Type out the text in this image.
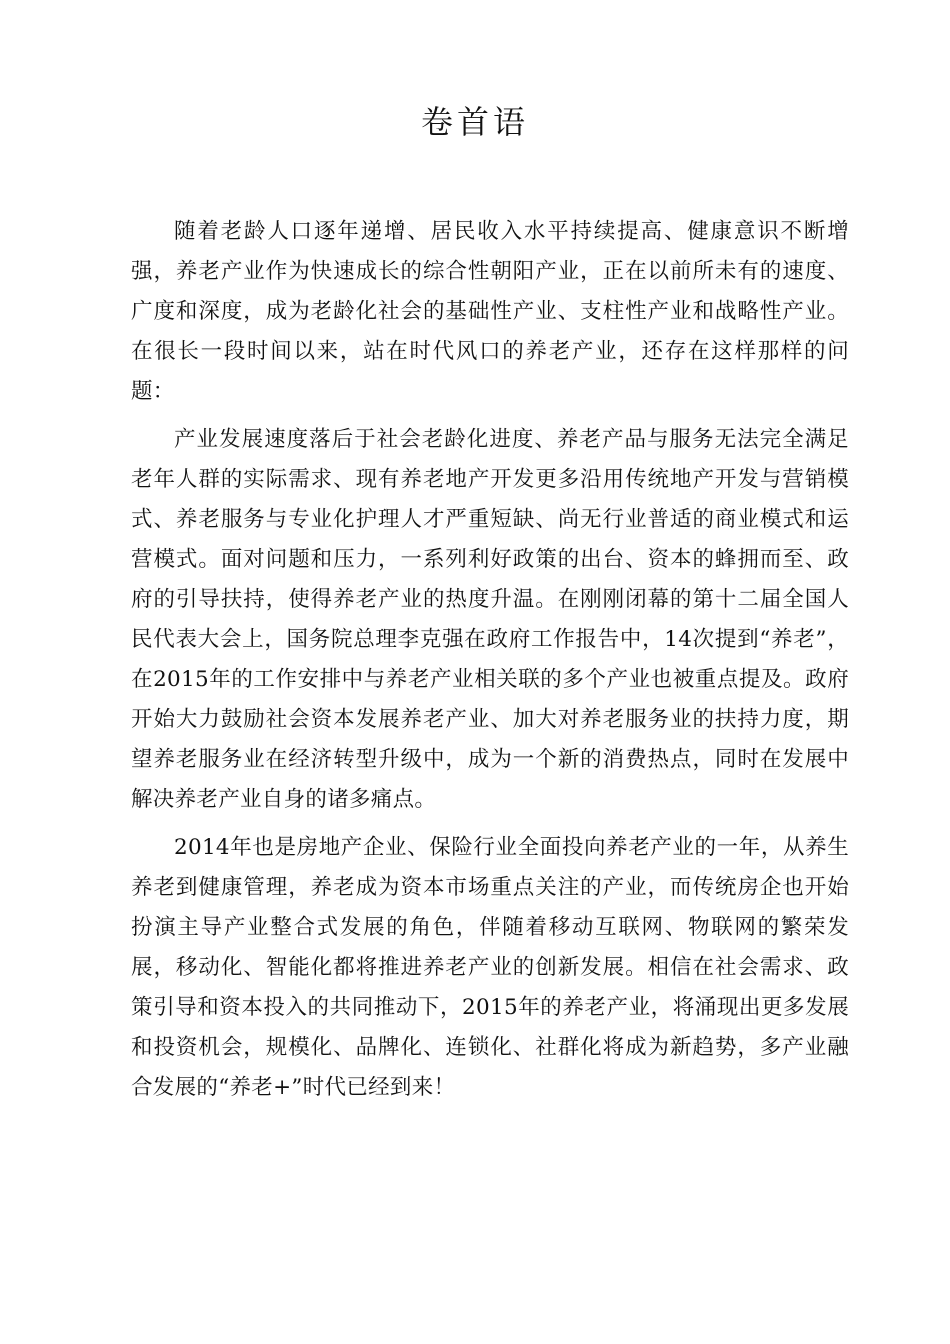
卷首语

随着老龄人口逐年递增、居民收入水平持续提高、健康意识不断增强，养老产业作为快速成长的综合性朝阳产业，正在以前所未有的速度、广度和深度，成为老龄化社会的基础性产业、支柱性产业和战略性产业。在很长一段时间以来，站在时代风口的养老产业，还存在这样那样的问题：

产业发展速度落后于社会老龄化进度、养老产品与服务无法完全满足老年人群的实际需求、现有养老地产开发更多沿用传统地产开发与营销模式、养老服务与专业化护理人才严重短缺、尚无行业普适的商业模式和运营模式。面对问题和压力，一系列利好政策的出台、资本的蜂拥而至、政府的引导扶持，使得养老产业的热度升温。在刚刚闭幕的第十二届全国人民代表大会上，国务院总理李克强在政府工作报告中，14次提到“养老”，在2015年的工作安排中与养老产业相关联的多个产业也被重点提及。政府开始大力鼓励社会资本发展养老产业、加大对养老服务业的扶持力度，期望养老服务业在经济转型升级中，成为一个新的消费热点，同时在发展中解决养老产业自身的诸多痛点。

2014年也是房地产企业、保险行业全面投向养老产业的一年，从养生养老到健康管理，养老成为资本市场重点关注的产业，而传统房企也开始扮演主导产业整合式发展的角色，伴随着移动互联网、物联网的繁荣发展，移动化、智能化都将推进养老产业的创新发展。相信在社会需求、政策引导和资本投入的共同推动下，2015年的养老产业，将涌现出更多发展和投资机会，规模化、品牌化、连锁化、社群化将成为新趋势，多产业融合发展的“养老+”时代已经到来！
